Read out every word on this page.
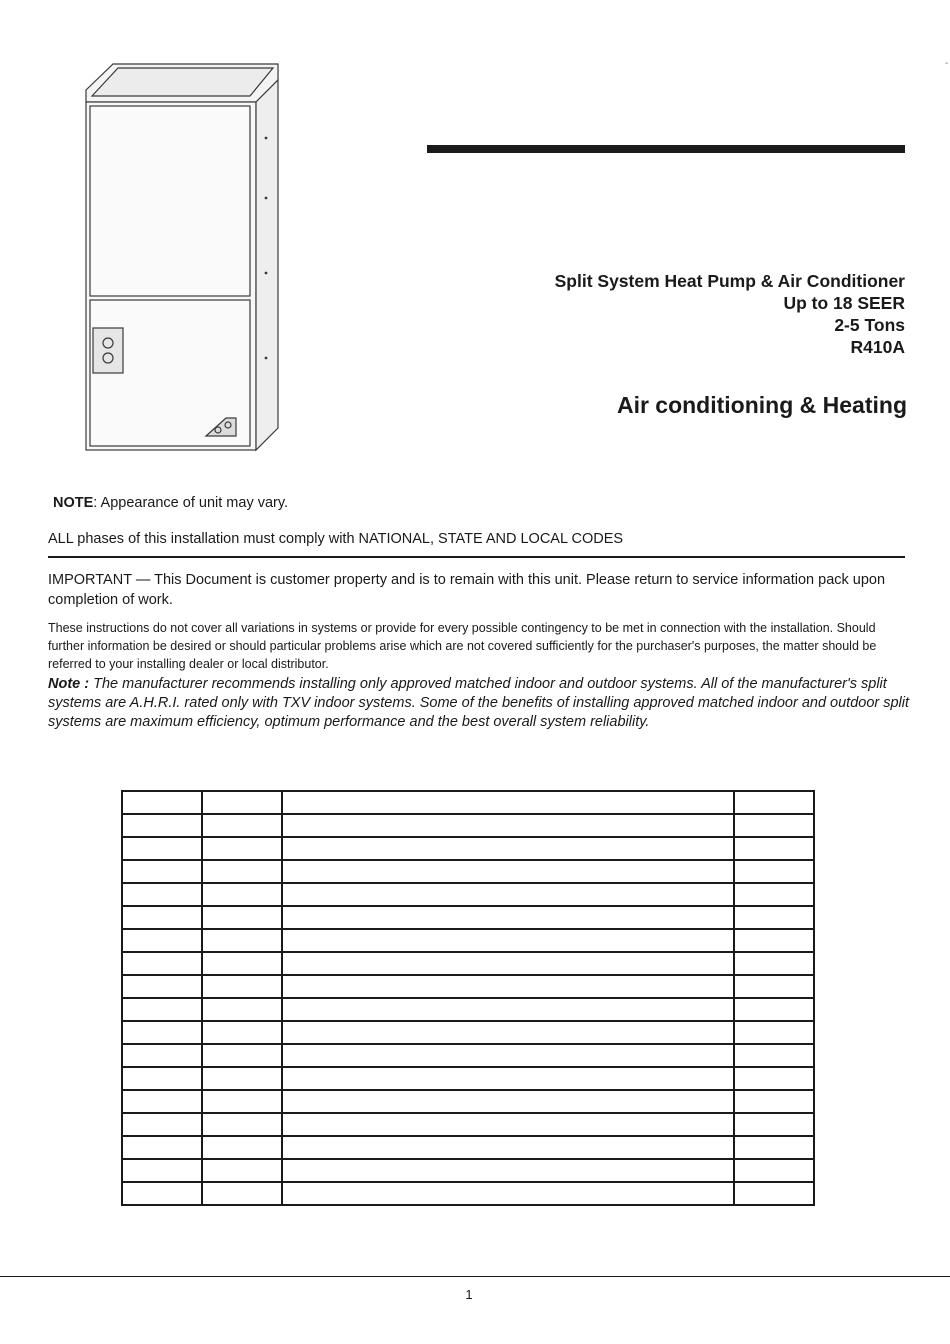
Split System Heat Pump & Air Conditioner
Up to 18 SEER
2-5 Tons
R410A
Air conditioning & Heating
NOTE: Appearance of unit may vary.
ALL phases of this installation must comply with NATIONAL, STATE AND LOCAL CODES
IMPORTANT — This Document is customer property and is to remain with this unit. Please return to service information pack upon completion of work.
These instructions do not cover all variations in systems or provide for every possible contingency to be met in connection with the installation. Should further information be desired or should particular problems arise which are not covered sufficiently for the purchaser's purposes, the matter should be referred to your installing dealer or local distributor.
Note : The manufacturer recommends installing only approved matched indoor and outdoor systems. All of the manufacturer's split systems are A.H.R.I. rated only with TXV indoor systems. Some of the benefits of installing approved matched indoor and outdoor split systems are maximum efficiency, optimum performance and the best overall system reliability.

1
-
